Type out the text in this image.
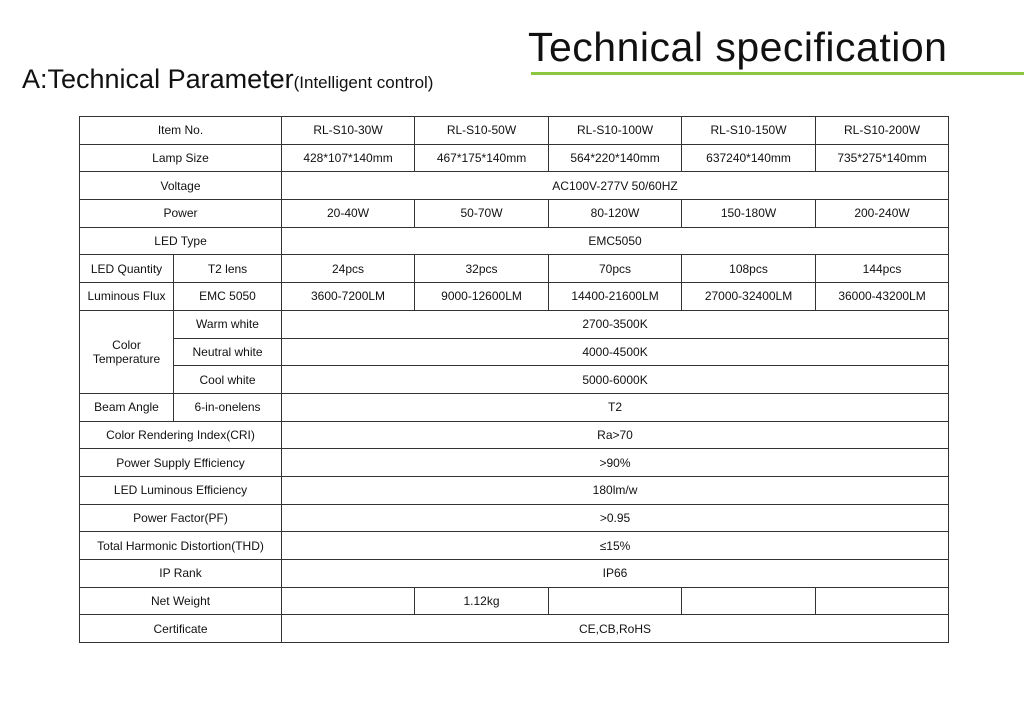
Technical specification
A:Technical Parameter(Intelligent control)
Item No.		RL-S10-30W	RL-S10-50W	RL-S10-100W	RL-S10-150W	RL-S10-200W
Lamp Size		428*107*140mm	467*175*140mm	564*220*140mm	637240*140mm	735*275*140mm
Voltage		AC100V-277V 50/60HZ				
Power		20-40W	50-70W	80-120W	150-180W	200-240W
LED Type		EMC5050				
LED Quantity	T2 lens	24pcs	32pcs	70pcs	108pcs	144pcs
Luminous Flux	EMC 5050	3600-7200LM	9000-12600LM	14400-21600LM	27000-32400LM	36000-43200LM
Color
Temperature	Warm white	2700-3500K				
	Neutral white	4000-4500K				
	Cool white	5000-6000K				
Beam Angle	6-in-onelens	T2				
Color Rendering Index(CRI)		Ra>70				
Power Supply Efficiency		>90%				
LED Luminous Efficiency		180lm/w				
Power Factor(PF)		>0.95				
Total Harmonic Distortion(THD)		≤15%				
IP Rank		IP66				
Net Weight			1.12kg			
Certificate		CE,CB,RoHS				
